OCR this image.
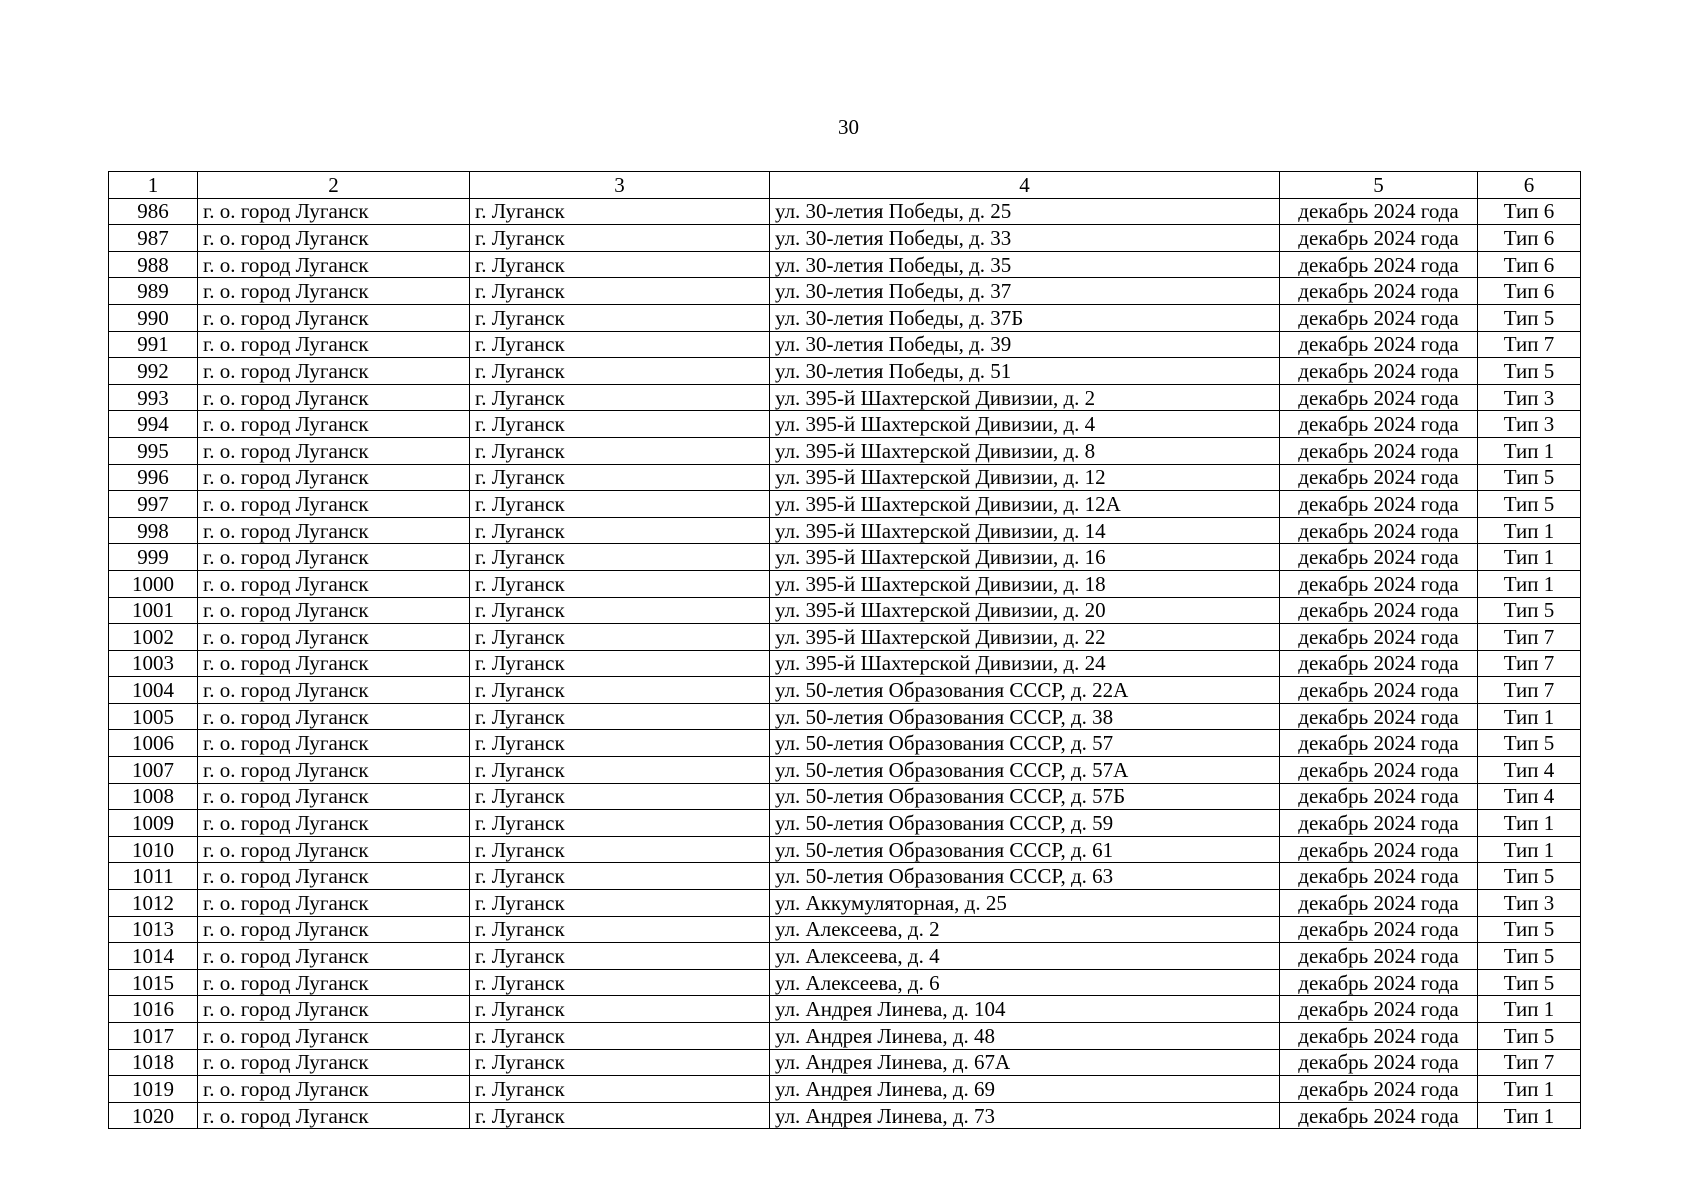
30
1	2	3	4	5	6
986	г. о. город Луганск	г. Луганск	ул. 30-летия Победы, д. 25	декабрь 2024 года	Тип 6
987	г. о. город Луганск	г. Луганск	ул. 30-летия Победы, д. 33	декабрь 2024 года	Тип 6
988	г. о. город Луганск	г. Луганск	ул. 30-летия Победы, д. 35	декабрь 2024 года	Тип 6
989	г. о. город Луганск	г. Луганск	ул. 30-летия Победы, д. 37	декабрь 2024 года	Тип 6
990	г. о. город Луганск	г. Луганск	ул. 30-летия Победы, д. 37Б	декабрь 2024 года	Тип 5
991	г. о. город Луганск	г. Луганск	ул. 30-летия Победы, д. 39	декабрь 2024 года	Тип 7
992	г. о. город Луганск	г. Луганск	ул. 30-летия Победы, д. 51	декабрь 2024 года	Тип 5
993	г. о. город Луганск	г. Луганск	ул. 395-й Шахтерской Дивизии, д. 2	декабрь 2024 года	Тип 3
994	г. о. город Луганск	г. Луганск	ул. 395-й Шахтерской Дивизии, д. 4	декабрь 2024 года	Тип 3
995	г. о. город Луганск	г. Луганск	ул. 395-й Шахтерской Дивизии, д. 8	декабрь 2024 года	Тип 1
996	г. о. город Луганск	г. Луганск	ул. 395-й Шахтерской Дивизии, д. 12	декабрь 2024 года	Тип 5
997	г. о. город Луганск	г. Луганск	ул. 395-й Шахтерской Дивизии, д. 12А	декабрь 2024 года	Тип 5
998	г. о. город Луганск	г. Луганск	ул. 395-й Шахтерской Дивизии, д. 14	декабрь 2024 года	Тип 1
999	г. о. город Луганск	г. Луганск	ул. 395-й Шахтерской Дивизии, д. 16	декабрь 2024 года	Тип 1
1000	г. о. город Луганск	г. Луганск	ул. 395-й Шахтерской Дивизии, д. 18	декабрь 2024 года	Тип 1
1001	г. о. город Луганск	г. Луганск	ул. 395-й Шахтерской Дивизии, д. 20	декабрь 2024 года	Тип 5
1002	г. о. город Луганск	г. Луганск	ул. 395-й Шахтерской Дивизии, д. 22	декабрь 2024 года	Тип 7
1003	г. о. город Луганск	г. Луганск	ул. 395-й Шахтерской Дивизии, д. 24	декабрь 2024 года	Тип 7
1004	г. о. город Луганск	г. Луганск	ул. 50-летия Образования СССР, д. 22А	декабрь 2024 года	Тип 7
1005	г. о. город Луганск	г. Луганск	ул. 50-летия Образования СССР, д. 38	декабрь 2024 года	Тип 1
1006	г. о. город Луганск	г. Луганск	ул. 50-летия Образования СССР, д. 57	декабрь 2024 года	Тип 5
1007	г. о. город Луганск	г. Луганск	ул. 50-летия Образования СССР, д. 57А	декабрь 2024 года	Тип 4
1008	г. о. город Луганск	г. Луганск	ул. 50-летия Образования СССР, д. 57Б	декабрь 2024 года	Тип 4
1009	г. о. город Луганск	г. Луганск	ул. 50-летия Образования СССР, д. 59	декабрь 2024 года	Тип 1
1010	г. о. город Луганск	г. Луганск	ул. 50-летия Образования СССР, д. 61	декабрь 2024 года	Тип 1
1011	г. о. город Луганск	г. Луганск	ул. 50-летия Образования СССР, д. 63	декабрь 2024 года	Тип 5
1012	г. о. город Луганск	г. Луганск	ул. Аккумуляторная, д. 25	декабрь 2024 года	Тип 3
1013	г. о. город Луганск	г. Луганск	ул. Алексеева, д. 2	декабрь 2024 года	Тип 5
1014	г. о. город Луганск	г. Луганск	ул. Алексеева, д. 4	декабрь 2024 года	Тип 5
1015	г. о. город Луганск	г. Луганск	ул. Алексеева, д. 6	декабрь 2024 года	Тип 5
1016	г. о. город Луганск	г. Луганск	ул. Андрея Линева, д. 104	декабрь 2024 года	Тип 1
1017	г. о. город Луганск	г. Луганск	ул. Андрея Линева, д. 48	декабрь 2024 года	Тип 5
1018	г. о. город Луганск	г. Луганск	ул. Андрея Линева, д. 67А	декабрь 2024 года	Тип 7
1019	г. о. город Луганск	г. Луганск	ул. Андрея Линева, д. 69	декабрь 2024 года	Тип 1
1020	г. о. город Луганск	г. Луганск	ул. Андрея Линева, д. 73	декабрь 2024 года	Тип 1
